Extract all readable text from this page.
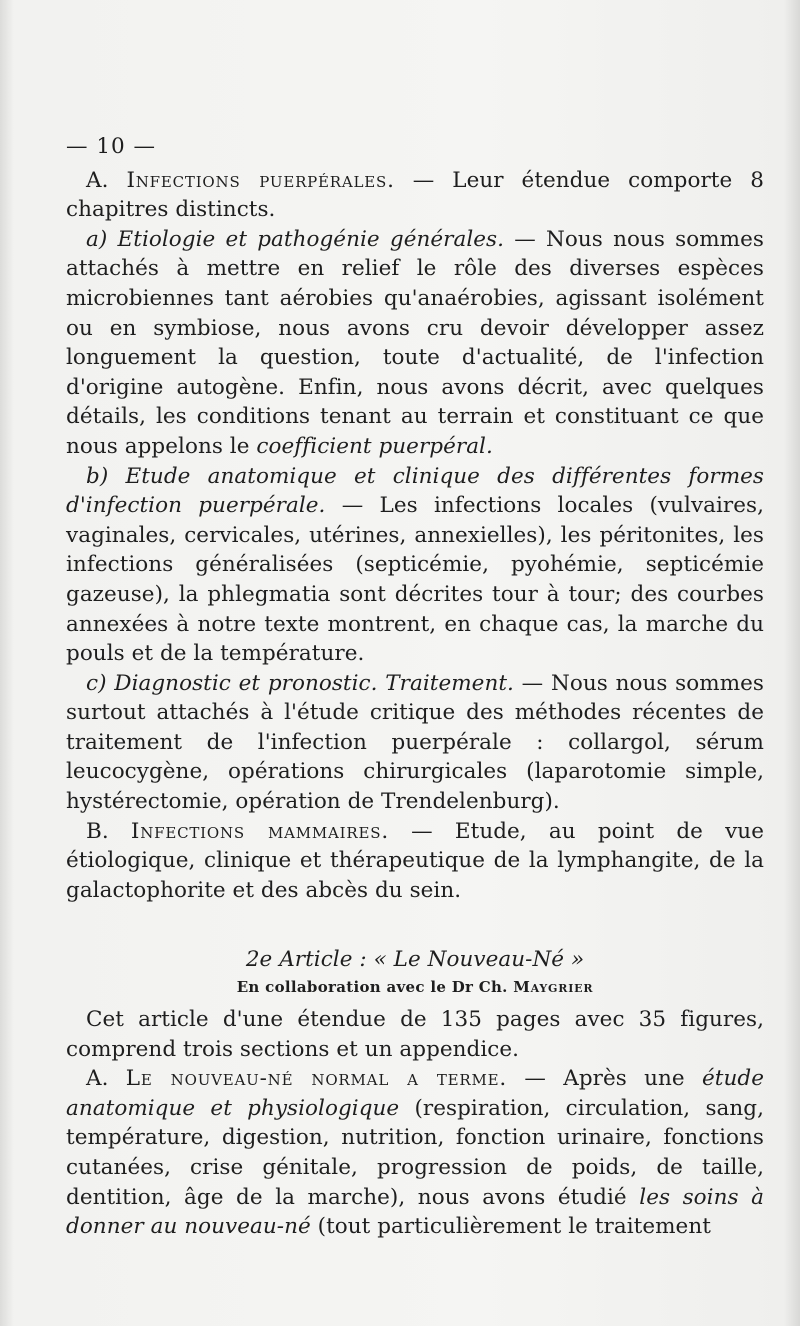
— 10 —

A. Infections puerpérales. — Leur étendue comporte 8 chapitres distincts.

a) Etiologie et pathogénie générales. — Nous nous sommes attachés à mettre en relief le rôle des diverses espèces microbiennes tant aérobies qu'anaérobies, agissant isolément ou en symbiose, nous avons cru devoir développer assez longuement la question, toute d'actualité, de l'infection d'origine autogène. Enfin, nous avons décrit, avec quelques détails, les conditions tenant au terrain et constituant ce que nous appelons le coefficient puerpéral.

b) Etude anatomique et clinique des différentes formes d'infection puerpérale. — Les infections locales (vulvaires, vaginales, cervicales, utérines, annexielles), les péritonites, les infections généralisées (septicémie, pyohémie, septicémie gazeuse), la phlegmatia sont décrites tour à tour; des courbes annexées à notre texte montrent, en chaque cas, la marche du pouls et de la température.

c) Diagnostic et pronostic. Traitement. — Nous nous sommes surtout attachés à l'étude critique des méthodes récentes de traitement de l'infection puerpérale : collargol, sérum leucocygène, opérations chirurgicales (laparotomie simple, hystérectomie, opération de Trendelenburg).

B. Infections mammaires. — Etude, au point de vue étiologique, clinique et thérapeutique de la lymphangite, de la galactophorite et des abcès du sein.

2e Article : « Le Nouveau-Né »

En collaboration avec le Dr Ch. Maygrier

Cet article d'une étendue de 135 pages avec 35 figures, comprend trois sections et un appendice.

A. Le nouveau-né normal a terme. — Après une étude anatomique et physiologique (respiration, circulation, sang, température, digestion, nutrition, fonction urinaire, fonctions cutanées, crise génitale, progression de poids, de taille, dentition, âge de la marche), nous avons étudié les soins à donner au nouveau-né (tout particulièrement le traitement
